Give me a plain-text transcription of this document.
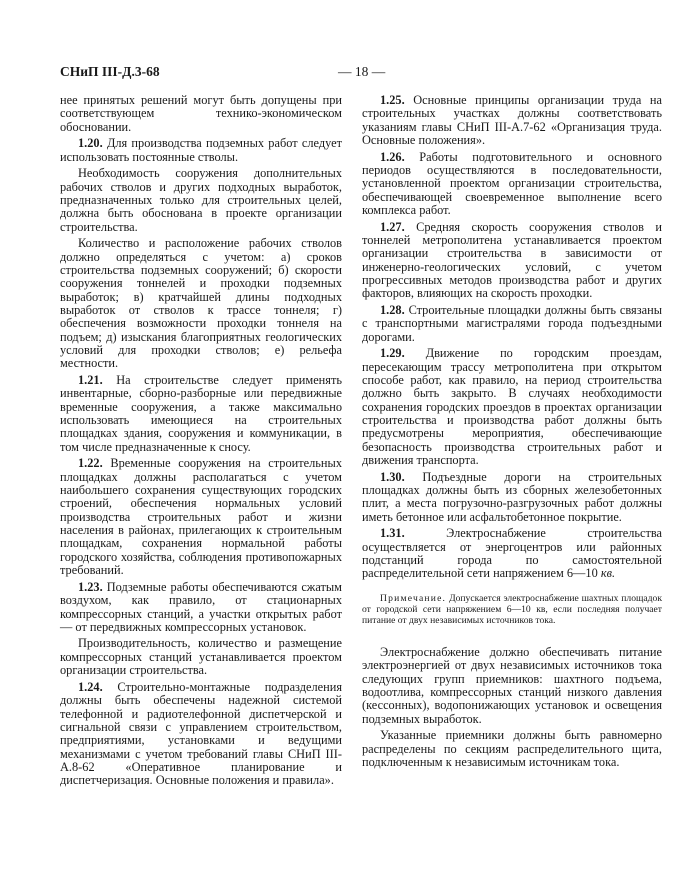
СНиП III-Д.3-68	— 18 —

нее принятых решений могут быть допущены при соответствующем технико-экономическом обосновании.

1.20. Для производства подземных работ следует использовать постоянные стволы.

Необходимость сооружения дополнительных рабочих стволов и других подходных выработок, предназначенных только для строительных целей, должна быть обоснована в проекте организации строительства.

Количество и расположение рабочих стволов должно определяться с учетом: а) сроков строительства подземных сооружений; б) скорости сооружения тоннелей и проходки подземных выработок; в) кратчайшей длины подходных выработок от стволов к трассе тоннеля; г) обеспечения возможности проходки тоннеля на подъем; д) изыскания благоприятных геологических условий для проходки стволов; е) рельефа местности.

1.21. На строительстве следует применять инвентарные, сборно-разборные или передвижные временные сооружения, а также максимально использовать имеющиеся на строительных площадках здания, сооружения и коммуникации, в том числе предназначенные к сносу.

1.22. Временные сооружения на строительных площадках должны располагаться с учетом наибольшего сохранения существующих городских строений, обеспечения нормальных условий производства строительных работ и жизни населения в районах, прилегающих к строительным площадкам, сохранения нормальной работы городского хозяйства, соблюдения противопожарных требований.

1.23. Подземные работы обеспечиваются сжатым воздухом, как правило, от стационарных компрессорных станций, а участки открытых работ — от передвижных компрессорных установок.

Производительность, количество и размещение компрессорных станций устанавливается проектом организации строительства.

1.24. Строительно-монтажные подразделения должны быть обеспечены надежной системой телефонной и радиотелефонной диспетчерской и сигнальной связи с управлением строительством, предприятиями, установками и ведущими механизмами с учетом требований главы СНиП III-А.8-62 «Оперативное планирование и диспетчеризация. Основные положения и правила».

1.25. Основные принципы организации труда на строительных участках должны соответствовать указаниям главы СНиП III-А.7-62 «Организация труда. Основные положения».

1.26. Работы подготовительного и основного периодов осуществляются в последовательности, установленной проектом организации строительства, обеспечивающей своевременное выполнение всего комплекса работ.

1.27. Средняя скорость сооружения стволов и тоннелей метрополитена устанавливается проектом организации строительства в зависимости от инженерно-геологических условий, с учетом прогрессивных методов производства работ и других факторов, влияющих на скорость проходки.

1.28. Строительные площадки должны быть связаны с транспортными магистралями города подъездными дорогами.

1.29. Движение по городским проездам, пересекающим трассу метрополитена при открытом способе работ, как правило, на период строительства должно быть закрыто. В случаях необходимости сохранения городских проездов в проектах организации строительства и производства работ должны быть предусмотрены мероприятия, обеспечивающие безопасность производства строительных работ и движения транспорта.

1.30. Подъездные дороги на строительных площадках должны быть из сборных железобетонных плит, а места погрузочно-разгрузочных работ должны иметь бетонное или асфальтобетонное покрытие.

1.31.	Электроснабжение строительства осуществляется от энергоцентров или районных подстанций города по самостоятельной распределительной сети напряжением 6—10 кв.

Примечание. Допускается электроснабжение шахтных площадок от городской сети напряжением 6—10 кв, если последняя получает питание от двух независимых источников тока.

Электроснабжение должно обеспечивать питание электроэнергией от двух независимых источников тока следующих групп приемников: шахтного подъема, водоотлива, компрессорных станций низкого давления (кессонных), водопонижающих установок и освещения подземных выработок.

Указанные приемники должны быть равномерно распределены по секциям распределительного щита, подключенным к независимым источникам тока.
